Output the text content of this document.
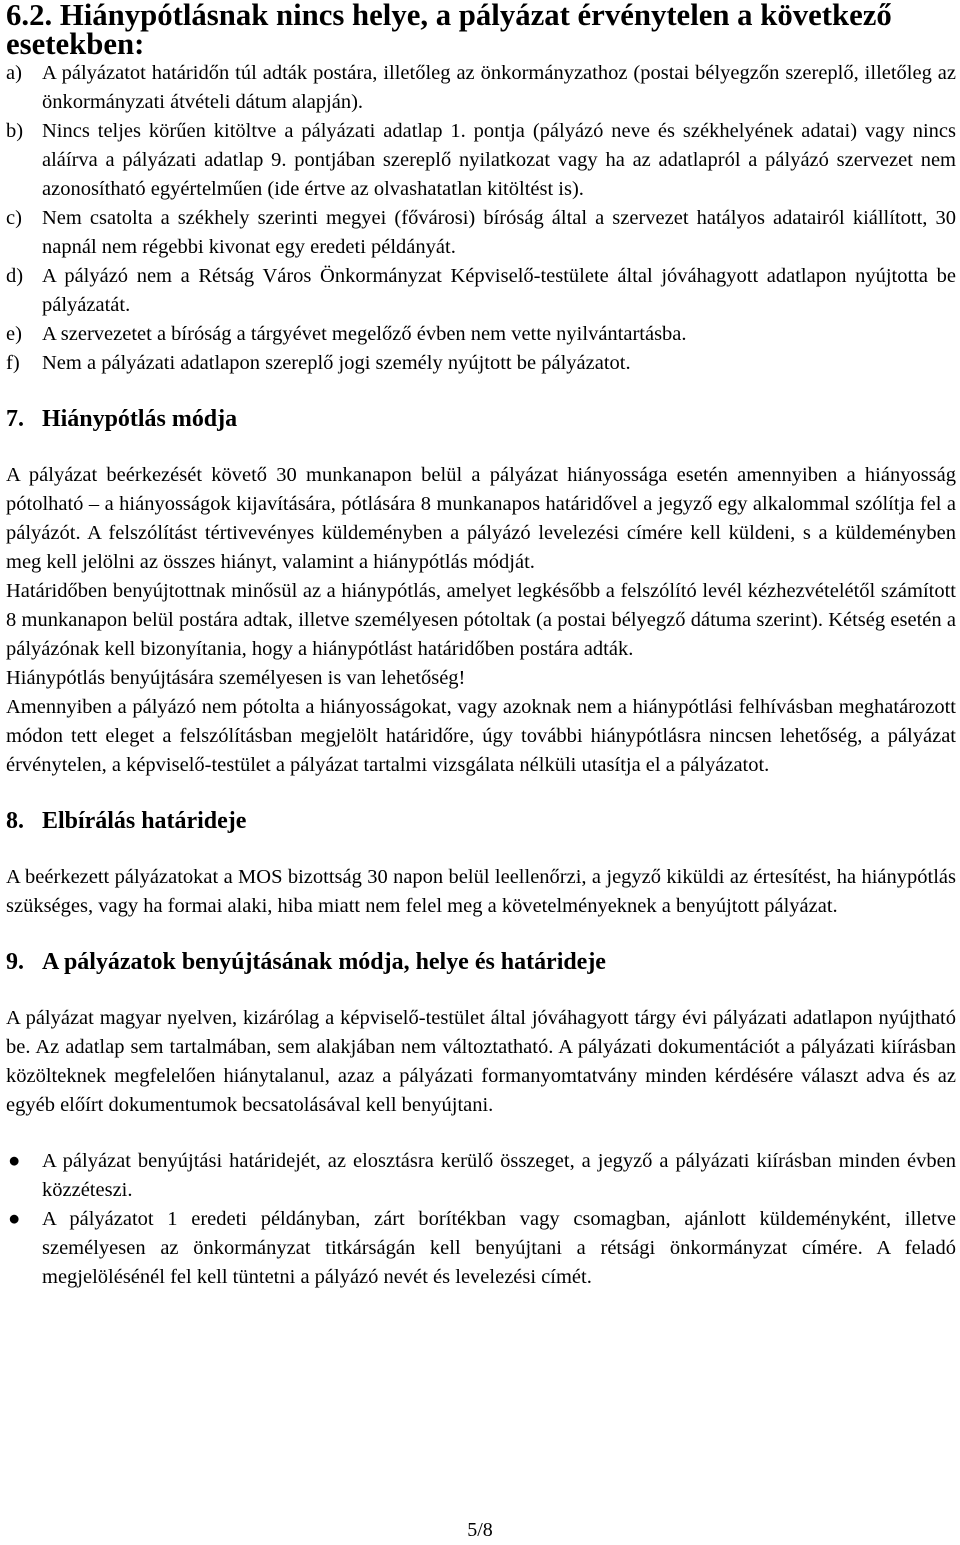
6.2. Hiánypótlásnak nincs helye, a pályázat érvénytelen a következő esetekben:
a) A pályázatot határidőn túl adták postára, illetőleg az önkormányzathoz (postai bélyegzőn szereplő, illetőleg az önkormányzati átvételi dátum alapján).
b) Nincs teljes körűen kitöltve a pályázati adatlap 1. pontja (pályázó neve és székhelyének adatai) vagy nincs aláírva a pályázati adatlap 9. pontjában szereplő nyilatkozat vagy ha az adatlapról a pályázó szervezet nem azonosítható egyértelműen (ide értve az olvashatatlan kitöltést is).
c) Nem csatolta a székhely szerinti megyei (fővárosi) bíróság által a szervezet hatályos adatairól kiállított, 30 napnál nem régebbi kivonat egy eredeti példányát.
d) A pályázó nem a Rétság Város Önkormányzat Képviselő-testülete által jóváhagyott adatlapon nyújtotta be pályázatát.
e) A szervezetet a bíróság a tárgyévet megelőző évben nem vette nyilvántartásba.
f)	Nem a pályázati adatlapon szereplő jogi személy nyújtott be pályázatot.
7. Hiánypótlás módja

A pályázat beérkezését követő 30 munkanapon belül a pályázat hiányossága esetén amennyiben a hiányosság pótolható – a hiányosságok kijavítására, pótlására 8 munkanapos határidővel a jegyző egy alkalommal szólítja fel a pályázót. A felszólítást tértivevényes küldeményben a pályázó levelezési címére kell küldeni, s a küldeményben meg kell jelölni az összes hiányt, valamint a hiánypótlás módját.

Határidőben benyújtottnak minősül az a hiánypótlás, amelyet legkésőbb a felszólító levél kézhezvételétől számított 8 munkanapon belül postára adtak, illetve személyesen pótoltak (a postai bélyegző dátuma szerint). Kétség esetén a pályázónak kell bizonyítania, hogy a hiánypótlást határidőben postára adták.

Hiánypótlás benyújtására személyesen is van lehetőség!

Amennyiben a pályázó nem pótolta a hiányosságokat, vagy azoknak nem a hiánypótlási felhívásban meghatározott módon tett eleget a felszólításban megjelölt határidőre, úgy további hiánypótlásra nincsen lehetőség, a pályázat érvénytelen, a képviselő-testület a pályázat tartalmi vizsgálata nélküli utasítja el a pályázatot.

8. Elbírálás határideje

A beérkezett pályázatokat a MOS bizottság 30 napon belül leellenőrzi, a jegyző kiküldi az értesítést, ha hiánypótlás szükséges, vagy ha formai alaki, hiba miatt nem felel meg a követelményeknek a benyújtott pályázat.

9. A pályázatok benyújtásának módja, helye és határideje

A pályázat magyar nyelven, kizárólag a képviselő-testület által jóváhagyott tárgy évi pályázati adatlapon nyújtható be. Az adatlap sem tartalmában, sem alakjában nem változtatható. A pályázati dokumentációt a pályázati kiírásban közölteknek megfelelően hiánytalanul, azaz a pályázati formanyomtatvány minden kérdésére választ adva és az egyéb előírt dokumentumok becsatolásával kell benyújtani.

●	A pályázat benyújtási határidejét, az elosztásra kerülő összeget, a jegyző a pályázati kiírásban minden évben közzéteszi.
●	A pályázatot 1 eredeti példányban, zárt borítékban vagy csomagban, ajánlott küldeményként, illetve személyesen az önkormányzat titkárságán kell benyújtani a rétsági önkormányzat címére. A feladó megjelölésénél fel kell tüntetni a pályázó nevét és levelezési címét.
5/8
